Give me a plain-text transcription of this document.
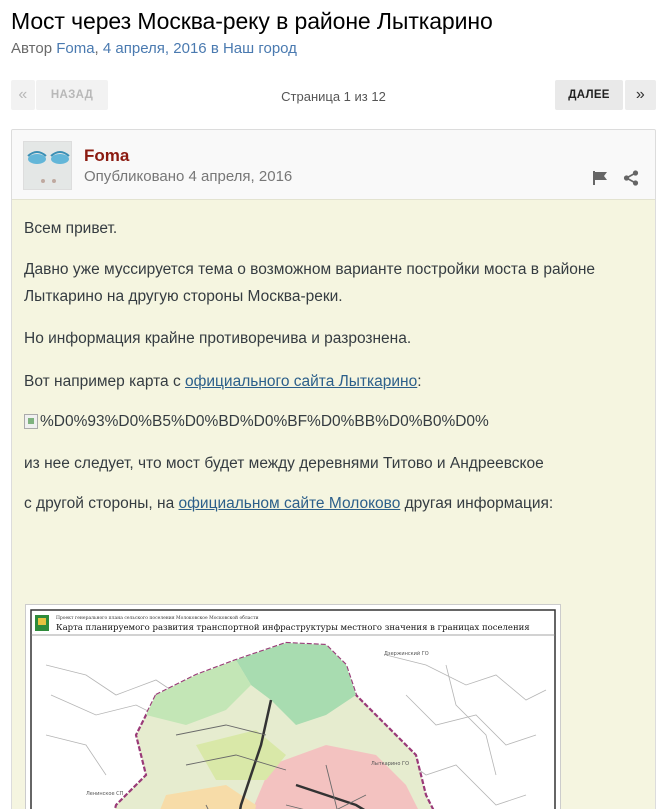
Мост через Москва-реку в районе Лыткарино
Автор Foma, 4 апреля, 2016 в Наш город
«	НАЗАД	Страница 1 из 12	ДАЛЕЕ	»
Foma
Опубликовано 4 апреля, 2016

Всем привет.

Давно уже муссируется тема о возможном варианте постройки моста в районе Лыткарино на другую стороны Москва-реки.

Но информация крайне противоречива и разрознена.

Вот например карта с официального сайта Лыткарино:

%D0%93%D0%B5%D0%BD%D0%BF%D0%BB%D0%B0%D0%

из нее следует, что мост будет между деревнями Титово и Андреевское

с другой стороны, на официальном сайте Молоково другая информация:

Проект генерального плана сельского поселения Молоковское Московской области
Карта планируемого развития транспортной инфраструктуры местного значения в границах поселения
Дзержинский ГО
Ленинское СП
Лыткарино ГО
